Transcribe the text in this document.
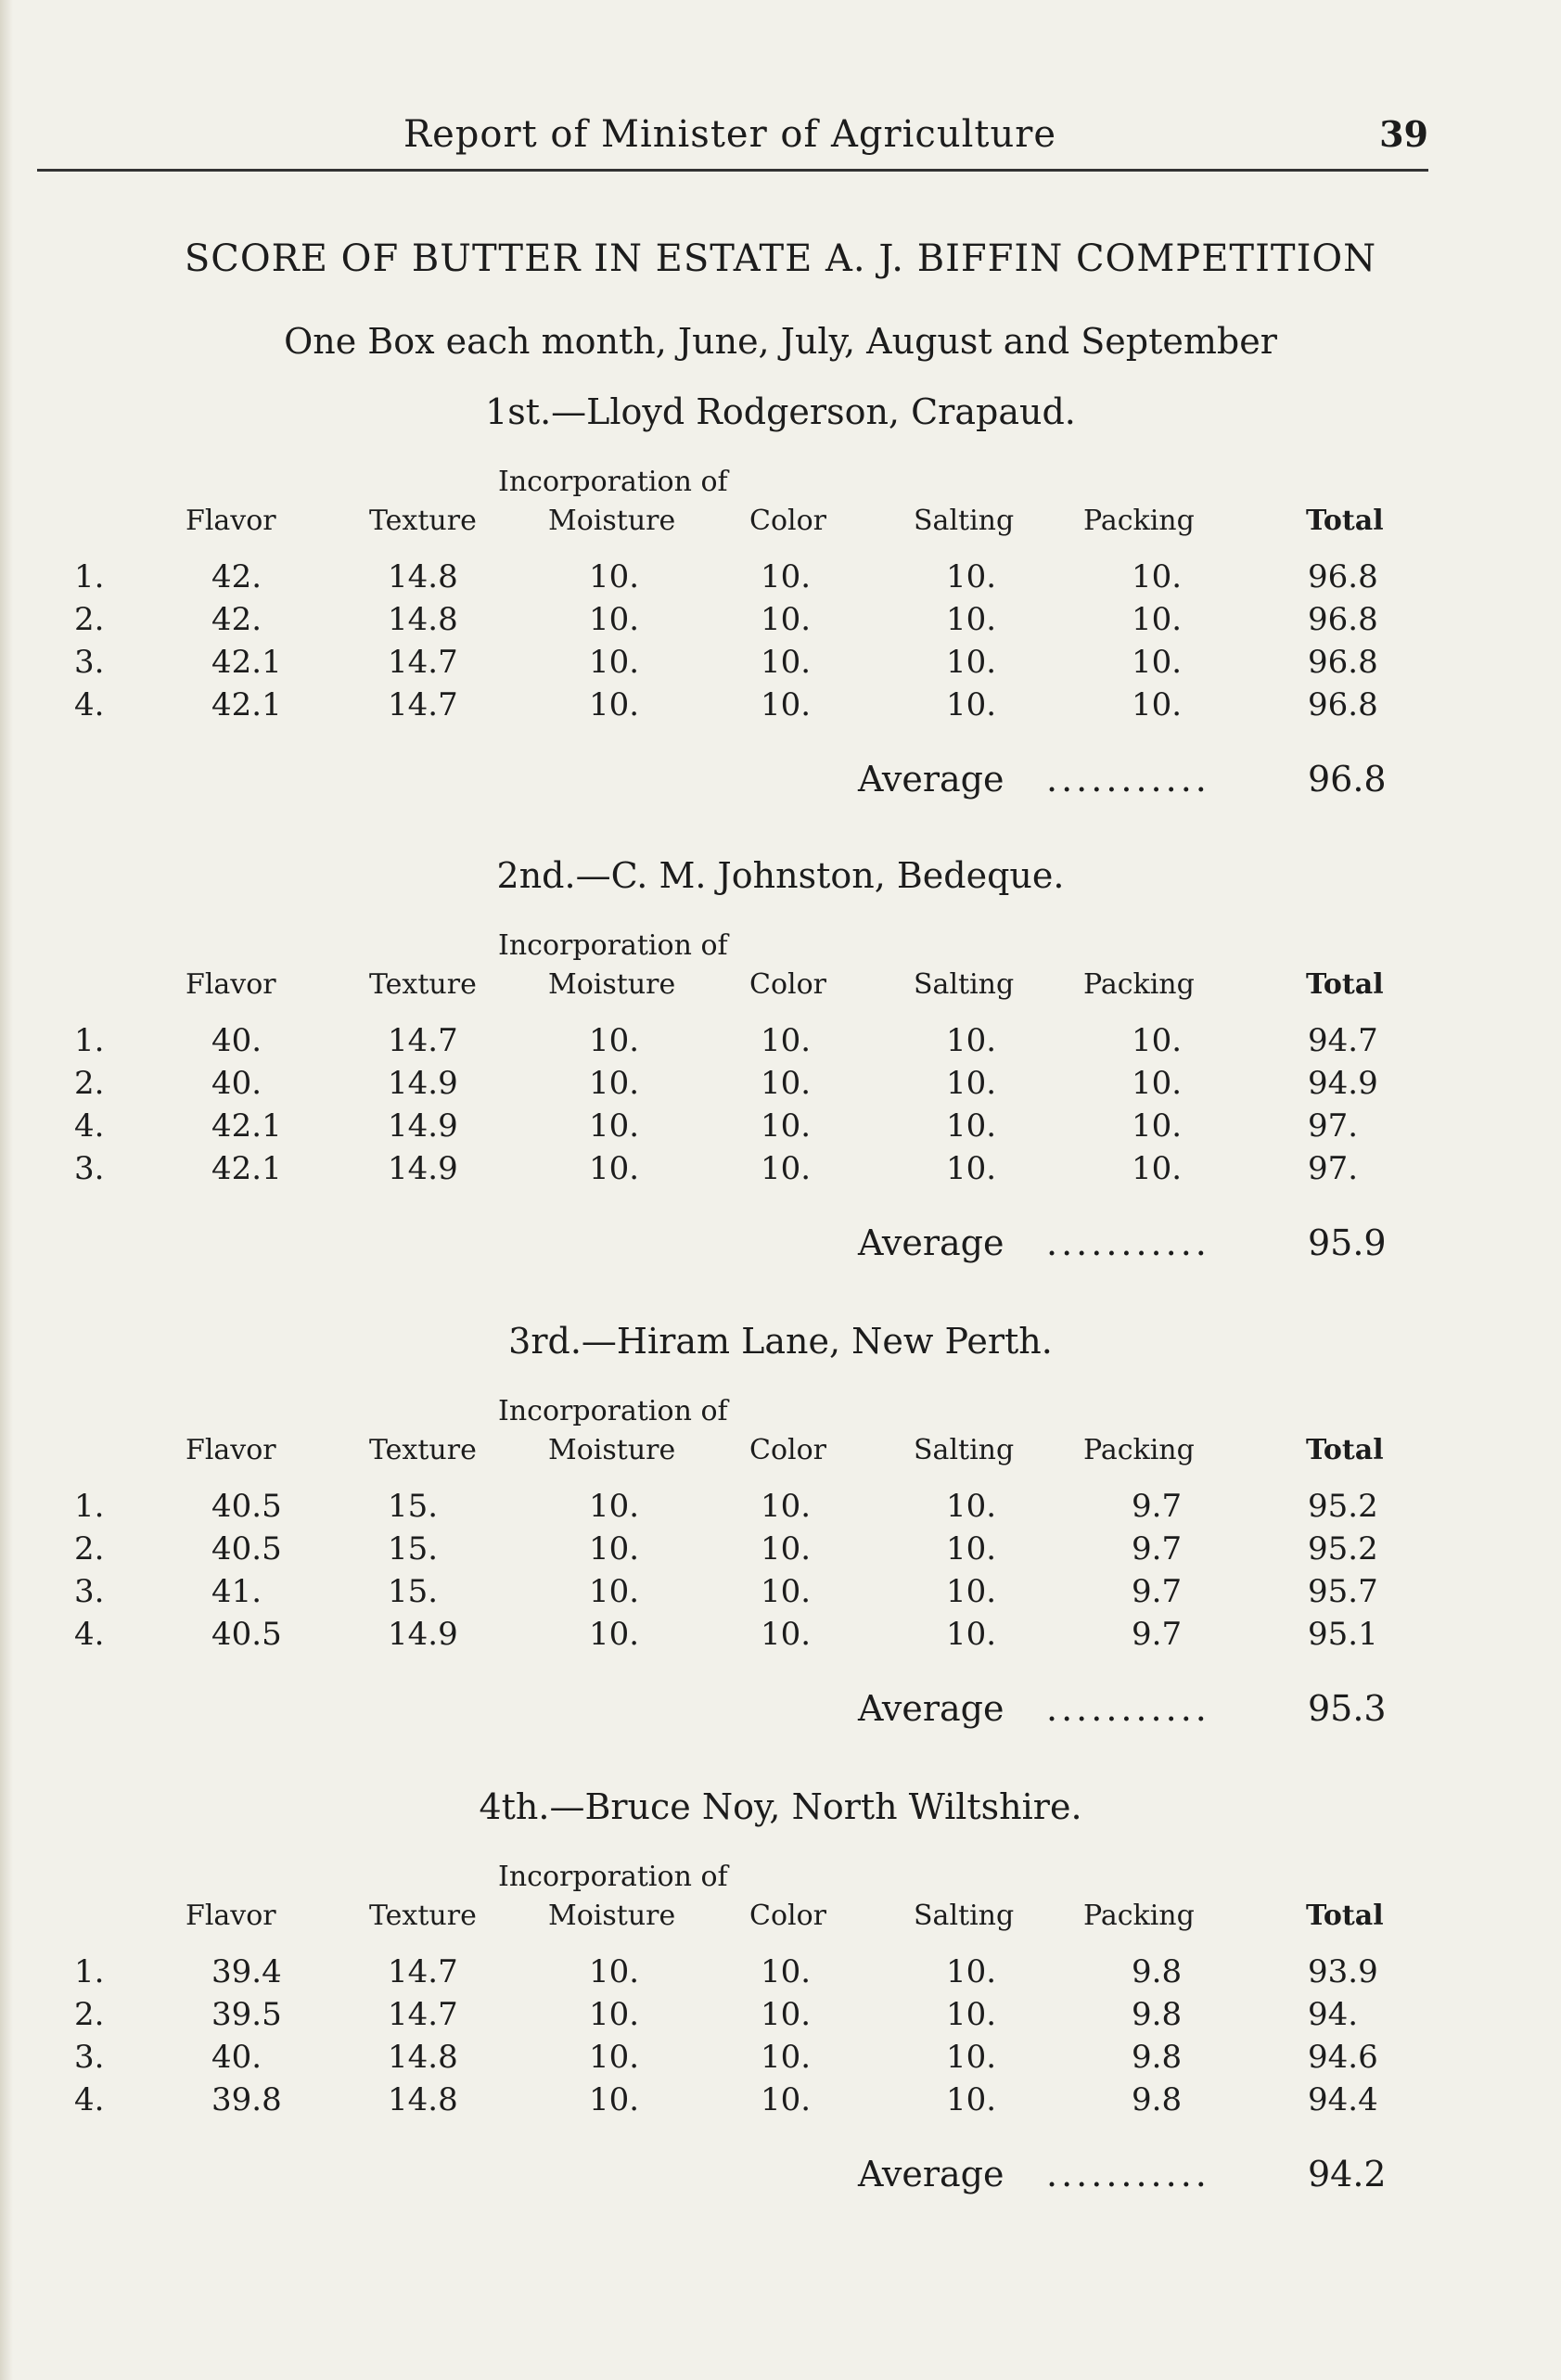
Report of Minister of Agriculture	39
SCORE OF BUTTER IN ESTATE A. J. BIFFIN COMPETITION
One Box each month, June, July, August and September
1st.—Lloyd Rodgerson, Crapaud.
Incorporation of
Flavor	Texture	Moisture	Color	Salting Packing	Total
1.	42.	14.8	10.	10.	10.	10.	96.8
2.	42.	14.8	10.	10.	10.	10.	96.8
3.	42.1	14.7	10.	10.	10.	10.	96.8
4.	42.1	14.7	10.	10.	10.	10.	96.8
Average ...........	96.8
2nd.—C. M. Johnston, Bedeque.
Incorporation of
Flavor	Texture	Moisture	Color	Salting Packing	Total
1.	40.	14.7	10.	10.	10.	10.	94.7
2.	40.	14.9	10.	10.	10.	10.	94.9
4.	42.1	14.9	10.	10.	10.	10.	97.
3.	42.1	14.9	10.	10.	10.	10.	97.
Average ...........	95.9
3rd.—Hiram Lane, New Perth.
Incorporation of
Flavor	Texture	Moisture	Color	Salting Packing	Total
1.	40.5	15.	10.	10.	10.	9.7	95.2
2.	40.5	15.	10.	10.	10.	9.7	95.2
3.	41.	15.	10.	10.	10.	9.7	95.7
4.	40.5	14.9	10.	10.	10.	9.7	95.1
Average ...........	95.3
4th.—Bruce Noy, North Wiltshire.
Incorporation of
Flavor	Texture	Moisture	Color	Salting Packing	Total
1.	39.4	14.7	10.	10.	10.	9.8	93.9
2.	39.5	14.7	10.	10.	10.	9.8	94.
3.	40.	14.8	10.	10.	10.	9.8	94.6
4.	39.8	14.8	10.	10.	10.	9.8	94.4
Average ...........	94.2
